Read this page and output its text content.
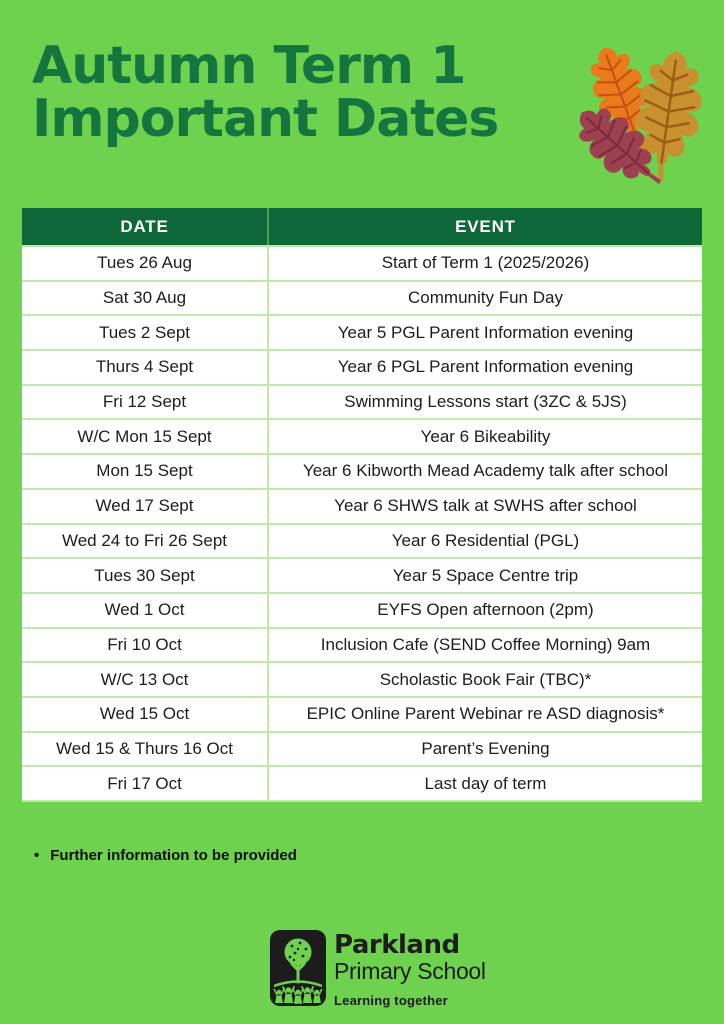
Autumn Term 1
Important Dates
DATE	EVENT
Tues 26 Aug	Start of Term 1 (2025/2026)
Sat 30 Aug	Community Fun Day
Tues 2 Sept	Year 5 PGL Parent Information evening
Thurs 4 Sept	Year 6 PGL Parent Information evening
Fri 12 Sept	Swimming Lessons start (3ZC & 5JS)
W/C Mon 15 Sept	Year 6 Bikeability
Mon 15 Sept	Year 6 Kibworth Mead Academy talk after school
Wed 17 Sept	Year 6 SHWS talk at SWHS after school
Wed 24 to Fri 26 Sept	Year 6 Residential (PGL)
Tues 30 Sept	Year 5 Space Centre trip
Wed 1 Oct	EYFS Open afternoon (2pm)
Fri 10 Oct	Inclusion Cafe (SEND Coffee Morning) 9am
W/C 13 Oct	Scholastic Book Fair (TBC)*
Wed 15 Oct	EPIC Online Parent Webinar re ASD diagnosis*
Wed 15 & Thurs 16 Oct	Parent’s Evening
Fri 17 Oct	Last day of term
• Further information to be provided
Parkland
Primary School
Learning together
